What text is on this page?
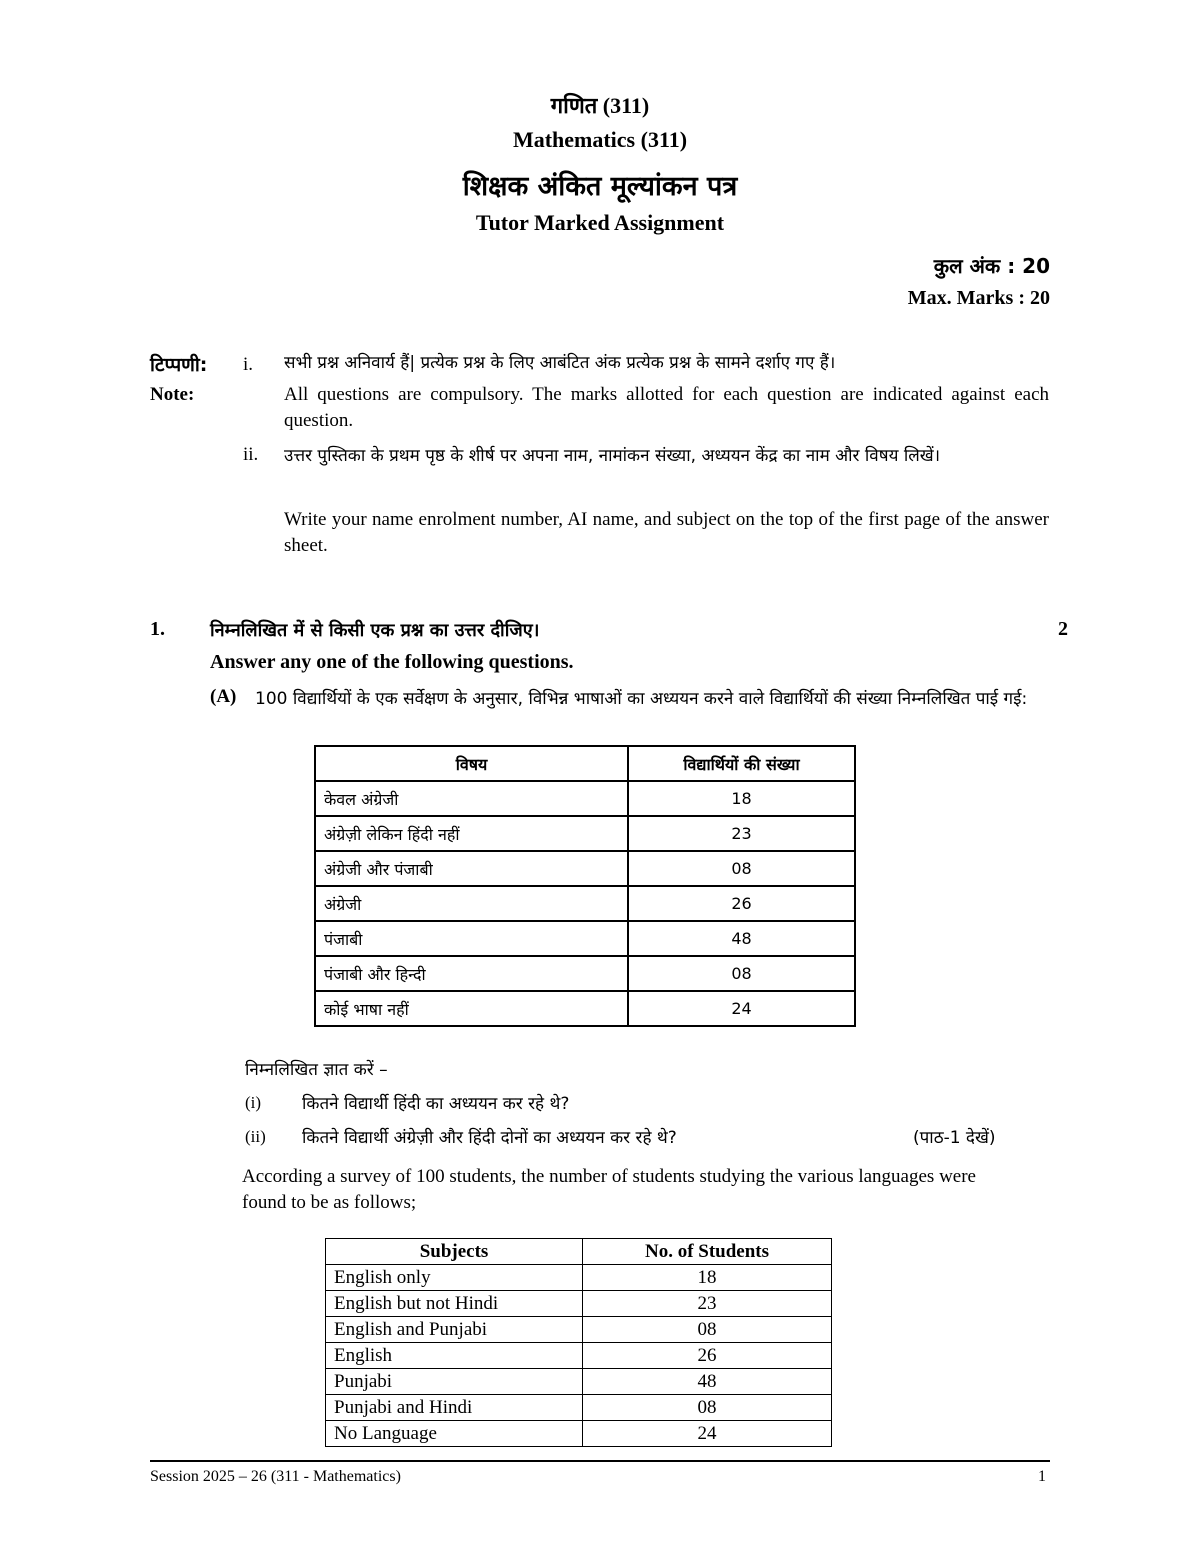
गणित (311)
Mathematics (311)
शिक्षक अंकित मूल्यांकन पत्र
Tutor Marked Assignment
कुल अंक : 20
Max. Marks : 20
टिप्पणी:
Note:
i. सभी प्रश्न अनिवार्य हैं| प्रत्येक प्रश्न के लिए आबंटित अंक प्रत्येक प्रश्न के सामने दर्शाए गए हैं।
All questions are compulsory. The marks allotted for each question are indicated against each question.
ii. उत्तर पुस्तिका के प्रथम पृष्ठ के शीर्ष पर अपना नाम, नामांकन संख्या, अध्ययन केंद्र का नाम और विषय लिखें।
Write your name enrolment number, AI name, and subject on the top of the first page of the answer sheet.
1.	निम्नलिखित में से किसी एक प्रश्न का उत्तर दीजिए।	2
Answer any one of the following questions.
(A) 100 विद्यार्थियों के एक सर्वेक्षण के अनुसार, विभिन्न भाषाओं का अध्ययन करने वाले विद्यार्थियों की संख्या निम्नलिखित पाई गई:
विषय	विद्यार्थियों की संख्या
केवल अंग्रेजी	18
अंग्रेज़ी लेकिन हिंदी नहीं	23
अंग्रेजी और पंजाबी	08
अंग्रेजी	26
पंजाबी	48
पंजाबी और हिन्दी	08
कोई भाषा नहीं	24
निम्नलिखित ज्ञात करें –
(i) कितने विद्यार्थी हिंदी का अध्ययन कर रहे थे?
(ii) कितने विद्यार्थी अंग्रेज़ी और हिंदी दोनों का अध्ययन कर रहे थे?	(पाठ-1 देखें)
According a survey of 100 students, the number of students studying the various languages were found to be as follows;
Subjects	No. of Students
English only	18
English but not Hindi	23
English and Punjabi	08
English	26
Punjabi	48
Punjabi and Hindi	08
No Language	24
Session 2025 – 26 (311 - Mathematics)	1
